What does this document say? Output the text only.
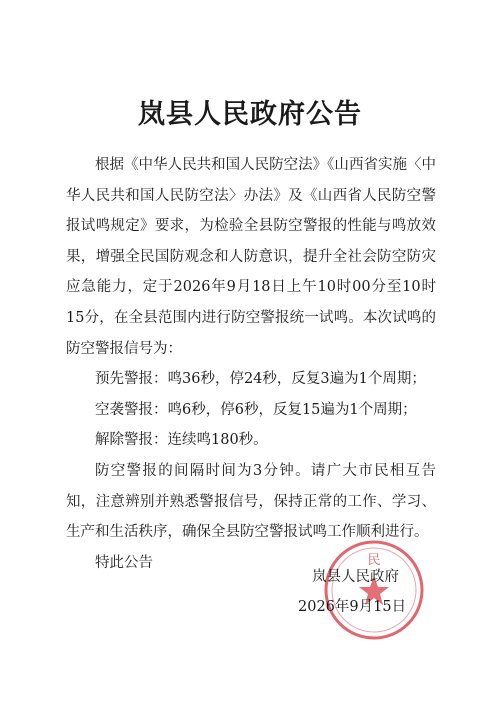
岚县人民政府公告

根据《中华人民共和国人民防空法》《山西省实施〈中华人民共和国人民防空法〉办法》及《山西省人民防空警报试鸣规定》要求，为检验全县防空警报的性能与鸣放效果，增强全民国防观念和人防意识，提升全社会防空防灾应急能力，定于2026年9月18日上午10时00分至10时15分，在全县范围内进行防空警报统一试鸣。本次试鸣的防空警报信号为：

预先警报：鸣36秒，停24秒，反复3遍为1个周期；

空袭警报：鸣6秒，停6秒，反复15遍为1个周期；

解除警报：连续鸣180秒。

防空警报的间隔时间为3分钟。请广大市民相互告知，注意辨别并熟悉警报信号，保持正常的工作、学习、生产和生活秩序，确保全县防空警报试鸣工作顺利进行。

特此公告	民
岚县人民政府
2026年9月15日
